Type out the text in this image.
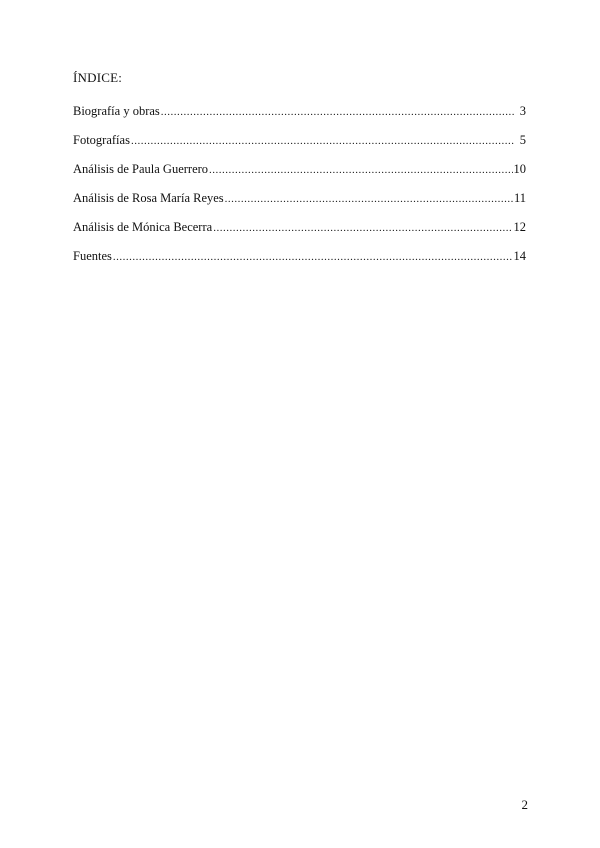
ÍNDICE:
Biografía y obras .....	3
Fotografías .....	5
Análisis de Paula Guerrero .....	10
Análisis de Rosa María Reyes .....	11
Análisis de Mónica Becerra .....	12
Fuentes .....	14
2
